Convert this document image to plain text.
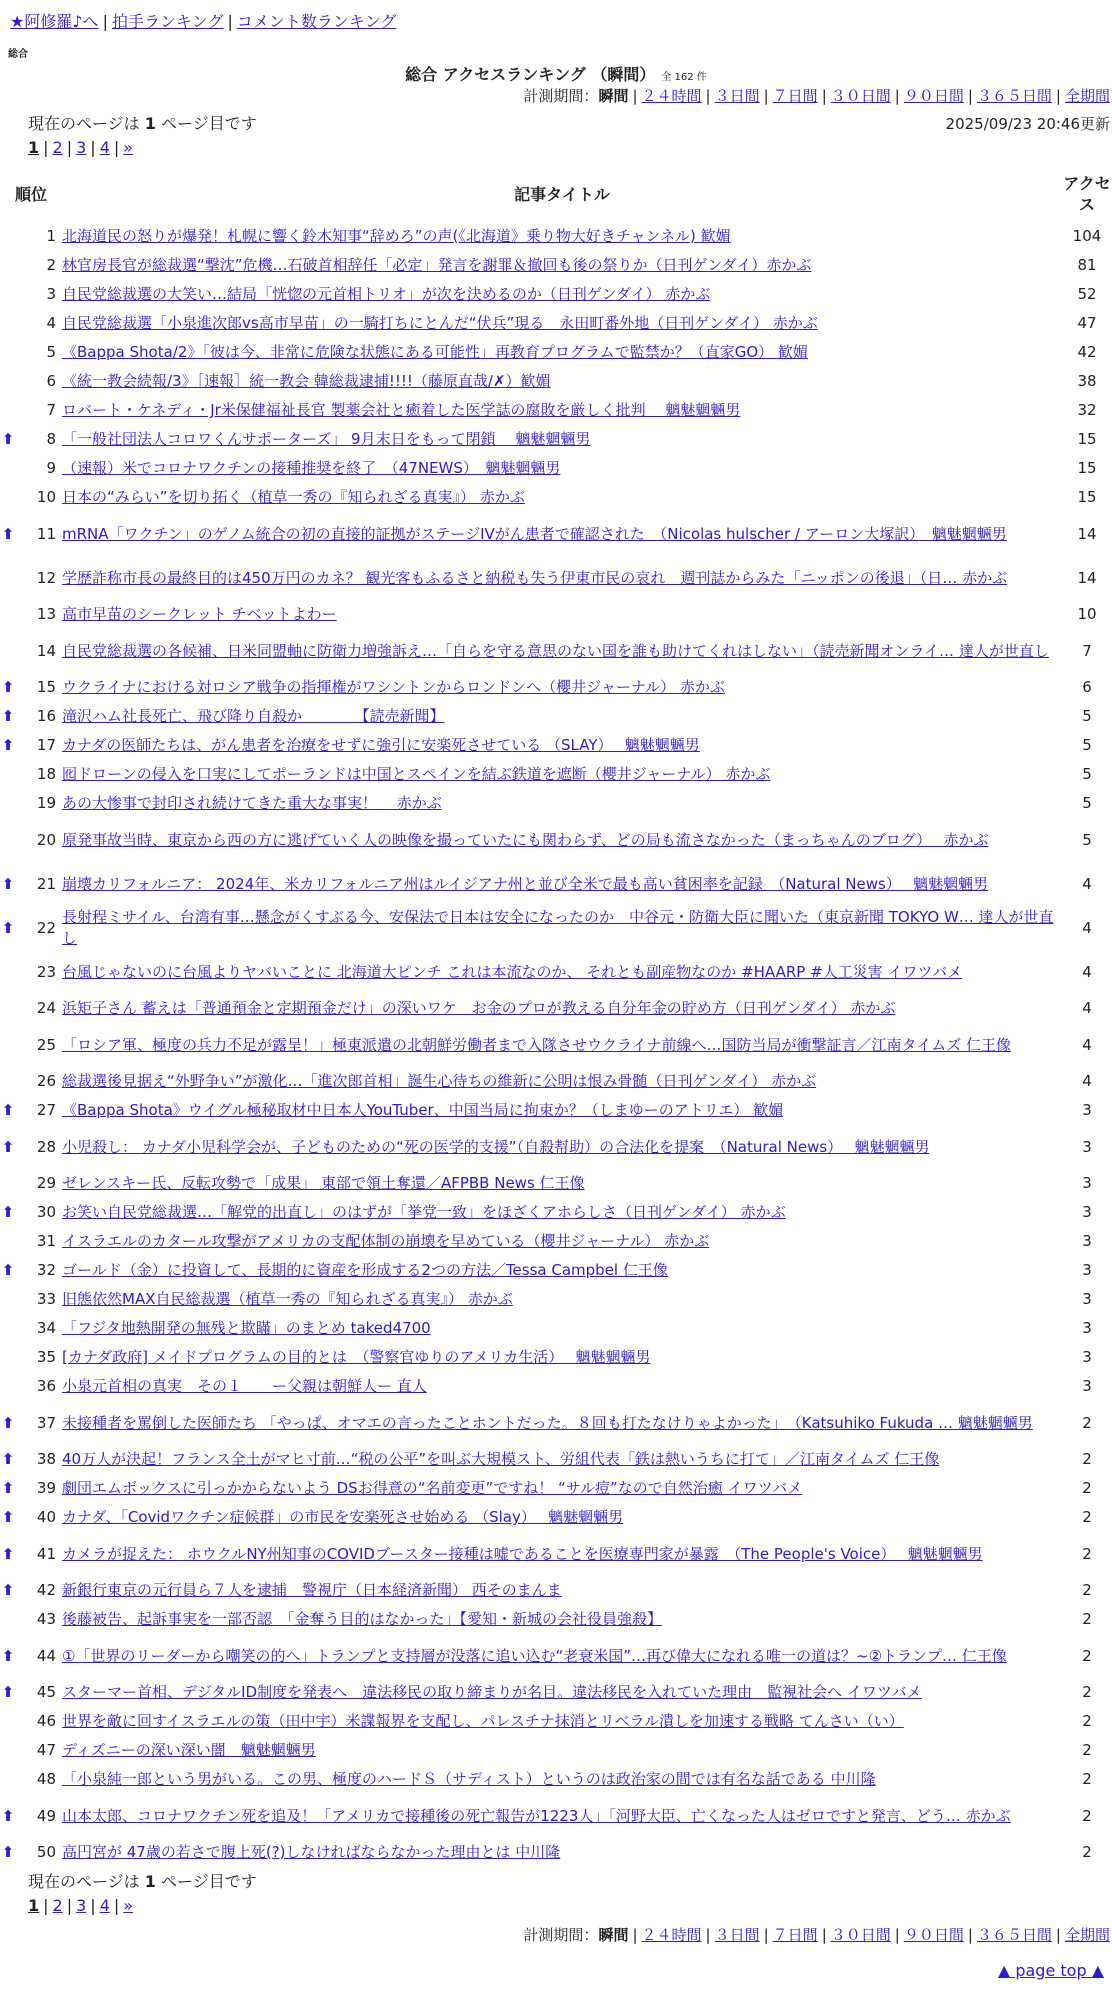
★阿修羅♪へ | 拍手ランキング | コメント数ランキング
総合
総合 アクセスランキング （瞬間） 全 162 件
計測期間：瞬間 | ２４時間 | ３日間 | ７日間 | ３０日間 | ９０日間 | ３６５日間 | 全期間
現在のページは 1 ページ目です	2025/09/23 20:46更新
1 | 2 | 3 | 4 | »
順位		記事タイトル	アクセス
	1	北海道民の怒りが爆発！札幌に響く鈴木知事“辞めろ”の声(《北海道》乗り物大好きチャンネル) 歓媚	104
	2	林官房長官が総裁選“撃沈”危機…石破首相辞任「必定」発言を謝罪＆撤回も後の祭りか（日刊ゲンダイ）赤かぶ	81
	3	自民党総裁選の大笑い…結局「恍惚の元首相トリオ」が次を決めるのか（日刊ゲンダイ） 赤かぶ	52
	4	自民党総裁選「小泉進次郎vs高市早苗」の一騎打ちにとんだ“伏兵”現る　永田町番外地（日刊ゲンダイ） 赤かぶ	47
	5	《Bappa Shota/2》「彼は今、非常に危険な状態にある可能性」再教育プログラムで監禁か？（直家GO） 歓媚	42
	6	《統一教会続報/3》［速報］統一教会 韓総裁逮捕!!!!（藤原直哉/✗）歓媚	38
	7	ロバート・ケネディ・Jr米保健福祉長官 製薬会社と癒着した医学誌の腐敗を厳しく批判　 魑魅魍魎男	32
⬆	8	「一般社団法人コロワくんサポーターズ」 9月末日をもって閉鎖　 魑魅魍魎男	15
	9	（速報）米でコロナワクチンの接種推奨を終了　（47NEWS）　魑魅魍魎男	15
	10	日本の“みらい”を切り拓く（植草一秀の『知られざる真実』） 赤かぶ	15
⬆	11	mRNA「ワクチン」のゲノム統合の初の直接的証拠がステージIVがん患者で確認された　（Nicolas hulscher / アーロン大塚訳）　魑魅魍魎男	14
	12	学歴詐称市長の最終目的は450万円のカネ？ 観光客もふるさと納税も失う伊東市民の哀れ　週刊誌からみた「ニッポンの後退」（日… 赤かぶ	14
	13	高市早苗のシークレット チベットよわー	10
	14	自民党総裁選の各候補、日米同盟軸に防衛力増強訴え…「自らを守る意思のない国を誰も助けてくれはしない」（読売新聞オンライ… 達人が世直し	7
⬆	15	ウクライナにおける対ロシア戦争の指揮権がワシントンからロンドンへ（櫻井ジャーナル） 赤かぶ	6
⬆	16	滝沢ハム社長死亡、飛び降り自殺か　　　　【読売新聞】	5
⬆	17	カナダの医師たちは、がん患者を治療をせずに強引に安楽死させている （SLAY）　 魑魅魍魎男	5
	18	囮ドローンの侵入を口実にしてポーランドは中国とスペインを結ぶ鉄道を遮断（櫻井ジャーナル） 赤かぶ	5
	19	あの大惨事で封印され続けてきた重大な事実！　 赤かぶ	5
	20	原発事故当時、東京から西の方に逃げていく人の映像を撮っていたにも関わらず、どの局も流さなかった（まっちゃんのブログ）　 赤かぶ	5
⬆	21	崩壊カリフォルニア： 2024年、米カリフォルニア州はルイジアナ州と並び全米で最も高い貧困率を記録　（Natural News）　 魑魅魍魎男	4
⬆	22	長射程ミサイル、台湾有事…懸念がくすぶる今、安保法で日本は安全になったのか　中谷元・防衛大臣に聞いた（東京新聞 TOKYO W… 達人が世直し	4
	23	台風じゃないのに台風よりヤバいことに 北海道大ピンチ これは本流なのか、 それとも副産物なのか #HAARP #人工災害 イワツバメ	4
	24	浜矩子さん 蓄えは「普通預金と定期預金だけ」の深いワケ　お金のプロが教える自分年金の貯め方（日刊ゲンダイ） 赤かぶ	4
	25	「ロシア軍、極度の兵力不足が露呈！」極東派遣の北朝鮮労働者まで入隊させウクライナ前線へ…国防当局が衝撃証言／江南タイムズ 仁王像	4
	26	総裁選後見据え“外野争い”が激化…「進次郎首相」誕生心待ちの維新に公明は恨み骨髄（日刊ゲンダイ） 赤かぶ	4
⬆	27	《Bappa Shota》ウイグル極秘取材中日本人YouTuber、中国当局に拘束か？（しまゆーのアトリエ） 歓媚	3
⬆	28	小児殺し： カナダ小児科学会が、子どものための“死の医学的支援”（自殺幇助）の合法化を提案　（Natural News）　 魑魅魍魎男	3
	29	ゼレンスキー氏、反転攻勢で「成果」 東部で領土奪還／AFPBB News 仁王像	3
⬆	30	お笑い自民党総裁選…「解党的出直し」のはずが「挙党一致」をほざくアホらしさ（日刊ゲンダイ） 赤かぶ	3
	31	イスラエルのカタール攻撃がアメリカの支配体制の崩壊を早めている（櫻井ジャーナル） 赤かぶ	3
⬆	32	ゴールド（金）に投資して、長期的に資産を形成する2つの方法／Tessa Campbel 仁王像	3
	33	旧態依然MAX自民総裁選（植草一秀の『知られざる真実』） 赤かぶ	3
	34	「フジタ地熱開発の無残と欺瞞」のまとめ taked4700	3
	35	[カナダ政府] メイドプログラムの目的とは　（警察官ゆりのアメリカ生活）　 魑魅魍魎男	3
	36	小泉元首相の真実　その１　　ー父親は朝鮮人ー 直人	3
⬆	37	未接種者を罵倒した医師たち 「やっぱ、オマエの言ったことホントだった。８回も打たなけりゃよかった」　（Katsuhiko Fukuda … 魑魅魍魎男	2
⬆	38	40万人が決起！フランス全土がマヒ寸前…“税の公平”を叫ぶ大規模スト、労組代表「鉄は熱いうちに打て」／江南タイムズ 仁王像	2
⬆	39	劇団エムボックスに引っかからないよう DSお得意の“名前変更”ですね！ “サル痘”なので自然治癒 イワツバメ	2
⬆	40	カナダ、「Covidワクチン症候群」の市民を安楽死させ始める （Slay）　 魑魅魍魎男	2
⬆	41	カメラが捉えた： ホウクルNY州知事のCOVIDブースター接種は嘘であることを医療専門家が暴露　（The People's Voice）　 魑魅魍魎男	2
⬆	42	新銀行東京の元行員ら７人を逮捕　警視庁（日本経済新聞） 西そのまんま	2
	43	後藤被告、起訴事実を一部否認　「金奪う目的はなかった」【愛知・新城の会社役員強殺】	2
⬆	44	①「世界のリーダーから嘲笑の的へ」トランプと支持層が没落に追い込む“老衰米国”…再び偉大になれる唯一の道は？~②トランプ… 仁王像	2
⬆	45	スターマー首相、デジタルID制度を発表へ　違法移民の取り締まりが名目。違法移民を入れていた理由　監視社会へ イワツバメ	2
	46	世界を敵に回すイスラエルの策（田中宇）米諜報界を支配し、パレスチナ抹消とリベラル潰しを加速する戦略 てんさい（い）	2
	47	ディズニーの深い深い闇　魑魅魍魎男	2
	48	「小泉純一郎という男がいる。この男、極度のハードＳ（サディスト）というのは政治家の間では有名な話である 中川隆	2
⬆	49	山本太郎、コロナワクチン死を追及！「アメリカで接種後の死亡報告が1223人」「河野大臣、亡くなった人はゼロですと発言、どう… 赤かぶ	2
⬆	50	高円宮が 47歳の若さで腹上死(?)しなければならなかった理由とは 中川隆	2
現在のページは 1 ページ目です
1 | 2 | 3 | 4 | »
計測期間：瞬間 | ２４時間 | ３日間 | ７日間 | ３０日間 | ９０日間 | ３６５日間 | 全期間
▲ page top ▲
